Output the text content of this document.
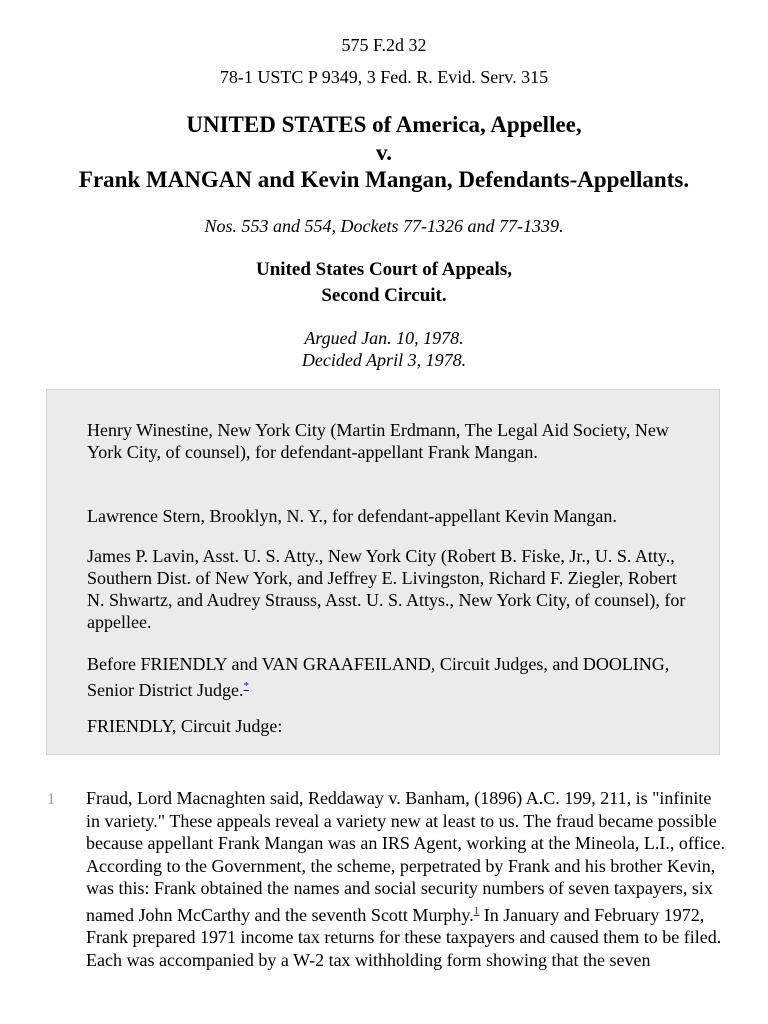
575 F.2d 32
78-1 USTC P 9349, 3 Fed. R. Evid. Serv. 315
UNITED STATES of America, Appellee,
v.
Frank MANGAN and Kevin Mangan, Defendants-Appellants.
Nos. 553 and 554, Dockets 77-1326 and 77-1339.
United States Court of Appeals,
Second Circuit.
Argued Jan. 10, 1978.
Decided April 3, 1978.

Henry Winestine, New York City (Martin Erdmann, The Legal Aid Society, New York City, of counsel), for defendant-appellant Frank Mangan.

Lawrence Stern, Brooklyn, N. Y., for defendant-appellant Kevin Mangan.

James P. Lavin, Asst. U. S. Atty., New York City (Robert B. Fiske, Jr., U. S. Atty., Southern Dist. of New York, and Jeffrey E. Livingston, Richard F. Ziegler, Robert N. Shwartz, and Audrey Strauss, Asst. U. S. Attys., New York City, of counsel), for appellee.

Before FRIENDLY and VAN GRAAFEILAND, Circuit Judges, and DOOLING, Senior District Judge.*

FRIENDLY, Circuit Judge:

1 Fraud, Lord Macnaghten said, Reddaway v. Banham, (1896) A.C. 199, 211, is "infinite in variety." These appeals reveal a variety new at least to us. The fraud became possible because appellant Frank Mangan was an IRS Agent, working at the Mineola, L.I., office. According to the Government, the scheme, perpetrated by Frank and his brother Kevin, was this: Frank obtained the names and social security numbers of seven taxpayers, six named John McCarthy and the seventh Scott Murphy.$^1$ In January and February 1972, Frank prepared 1971 income tax returns for these taxpayers and caused them to be filed. Each was accompanied by a W-2 tax withholding form showing that the seven
